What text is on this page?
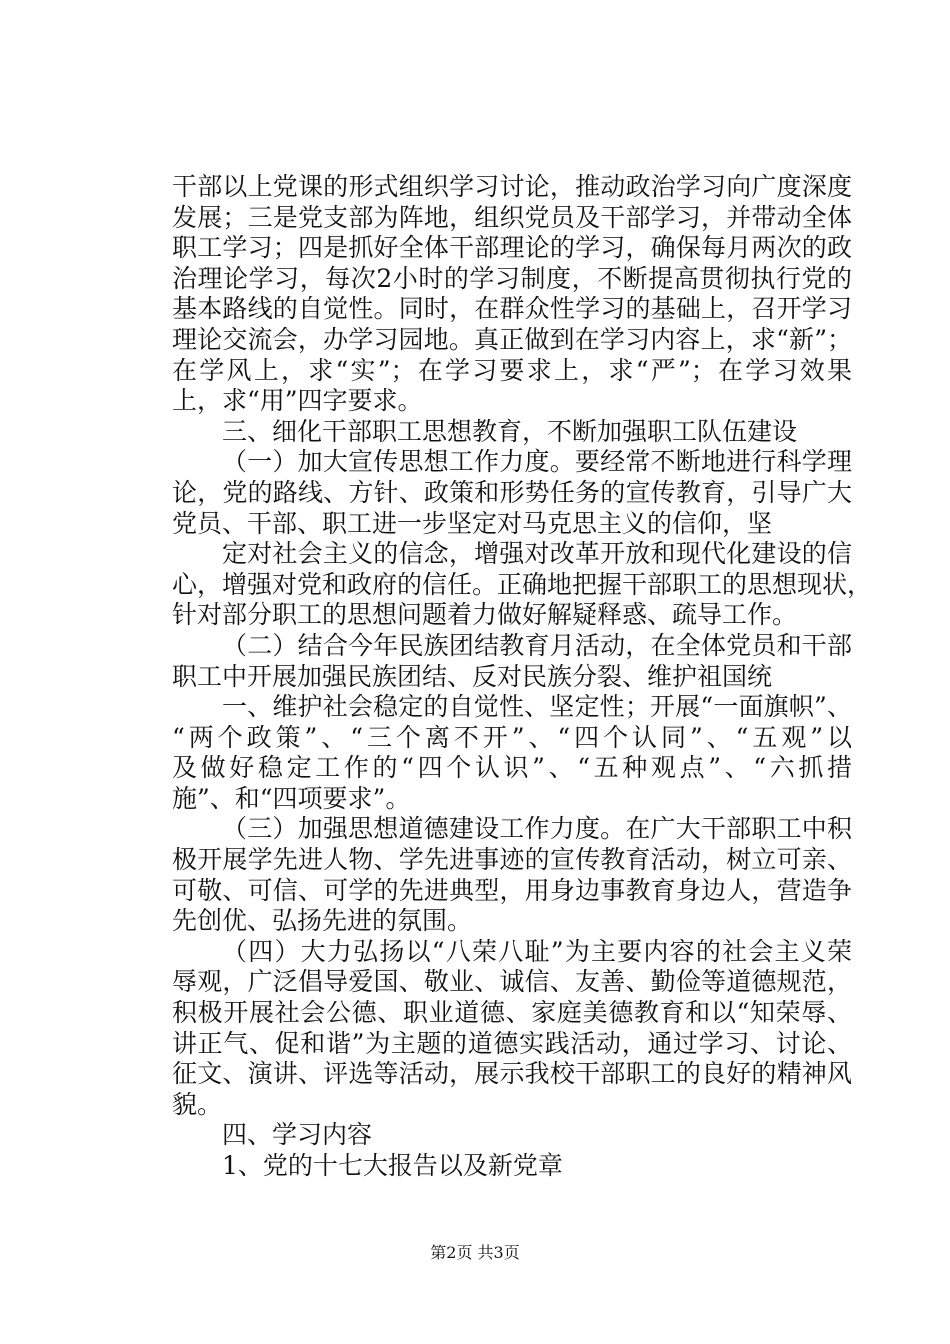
干部以上党课的形式组织学习讨论，推动政治学习向广度深度
发展；三是党支部为阵地，组织党员及干部学习，并带动全体
职工学习；四是抓好全体干部理论的学习，确保每月两次的政
治理论学习，每次2小时的学习制度，不断提高贯彻执行党的
基本路线的自觉性。同时，在群众性学习的基础上，召开学习
理论交流会，办学习园地。真正做到在学习内容上，求“新”；
在学风上，求“实”；在学习要求上，求“严”；在学习效果
上，求“用”四字要求。
三、细化干部职工思想教育，不断加强职工队伍建设
（一）加大宣传思想工作力度。要经常不断地进行科学理
论，党的路线、方针、政策和形势任务的宣传教育，引导广大
党员、干部、职工进一步坚定对马克思主义的信仰，坚
定对社会主义的信念，增强对改革开放和现代化建设的信
心，增强对党和政府的信任。正确地把握干部职工的思想现状，
针对部分职工的思想问题着力做好解疑释惑、疏导工作。
（二）结合今年民族团结教育月活动，在全体党员和干部
职工中开展加强民族团结、反对民族分裂、维护祖国统
一、维护社会稳定的自觉性、坚定性；开展“一面旗帜”、
“两个政策”、“三个离不开”、“四个认同”、“五观”以
及做好稳定工作的“四个认识”、“五种观点”、“六抓措
施”、和“四项要求”。
（三）加强思想道德建设工作力度。在广大干部职工中积
极开展学先进人物、学先进事迹的宣传教育活动，树立可亲、
可敬、可信、可学的先进典型，用身边事教育身边人，营造争
先创优、弘扬先进的氛围。
（四）大力弘扬以“八荣八耻”为主要内容的社会主义荣
辱观，广泛倡导爱国、敬业、诚信、友善、勤俭等道德规范，
积极开展社会公德、职业道德、家庭美德教育和以“知荣辱、
讲正气、促和谐”为主题的道德实践活动，通过学习、讨论、
征文、演讲、评选等活动，展示我校干部职工的良好的精神风
貌。
四、学习内容
1、党的十七大报告以及新党章
第2页 共3页
